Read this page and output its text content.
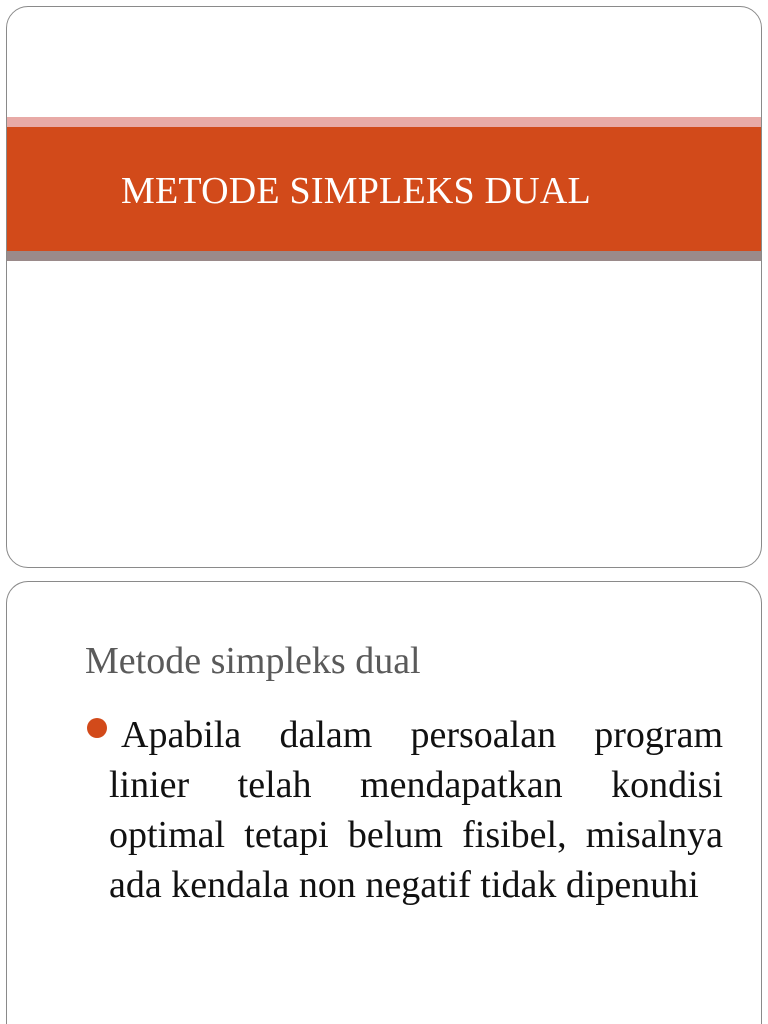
METODE SIMPLEKS DUAL
Metode simpleks dual
Apabila dalam persoalan program linier telah mendapatkan kondisi optimal tetapi belum fisibel, misalnya ada kendala non negatif tidak dipenuhi
